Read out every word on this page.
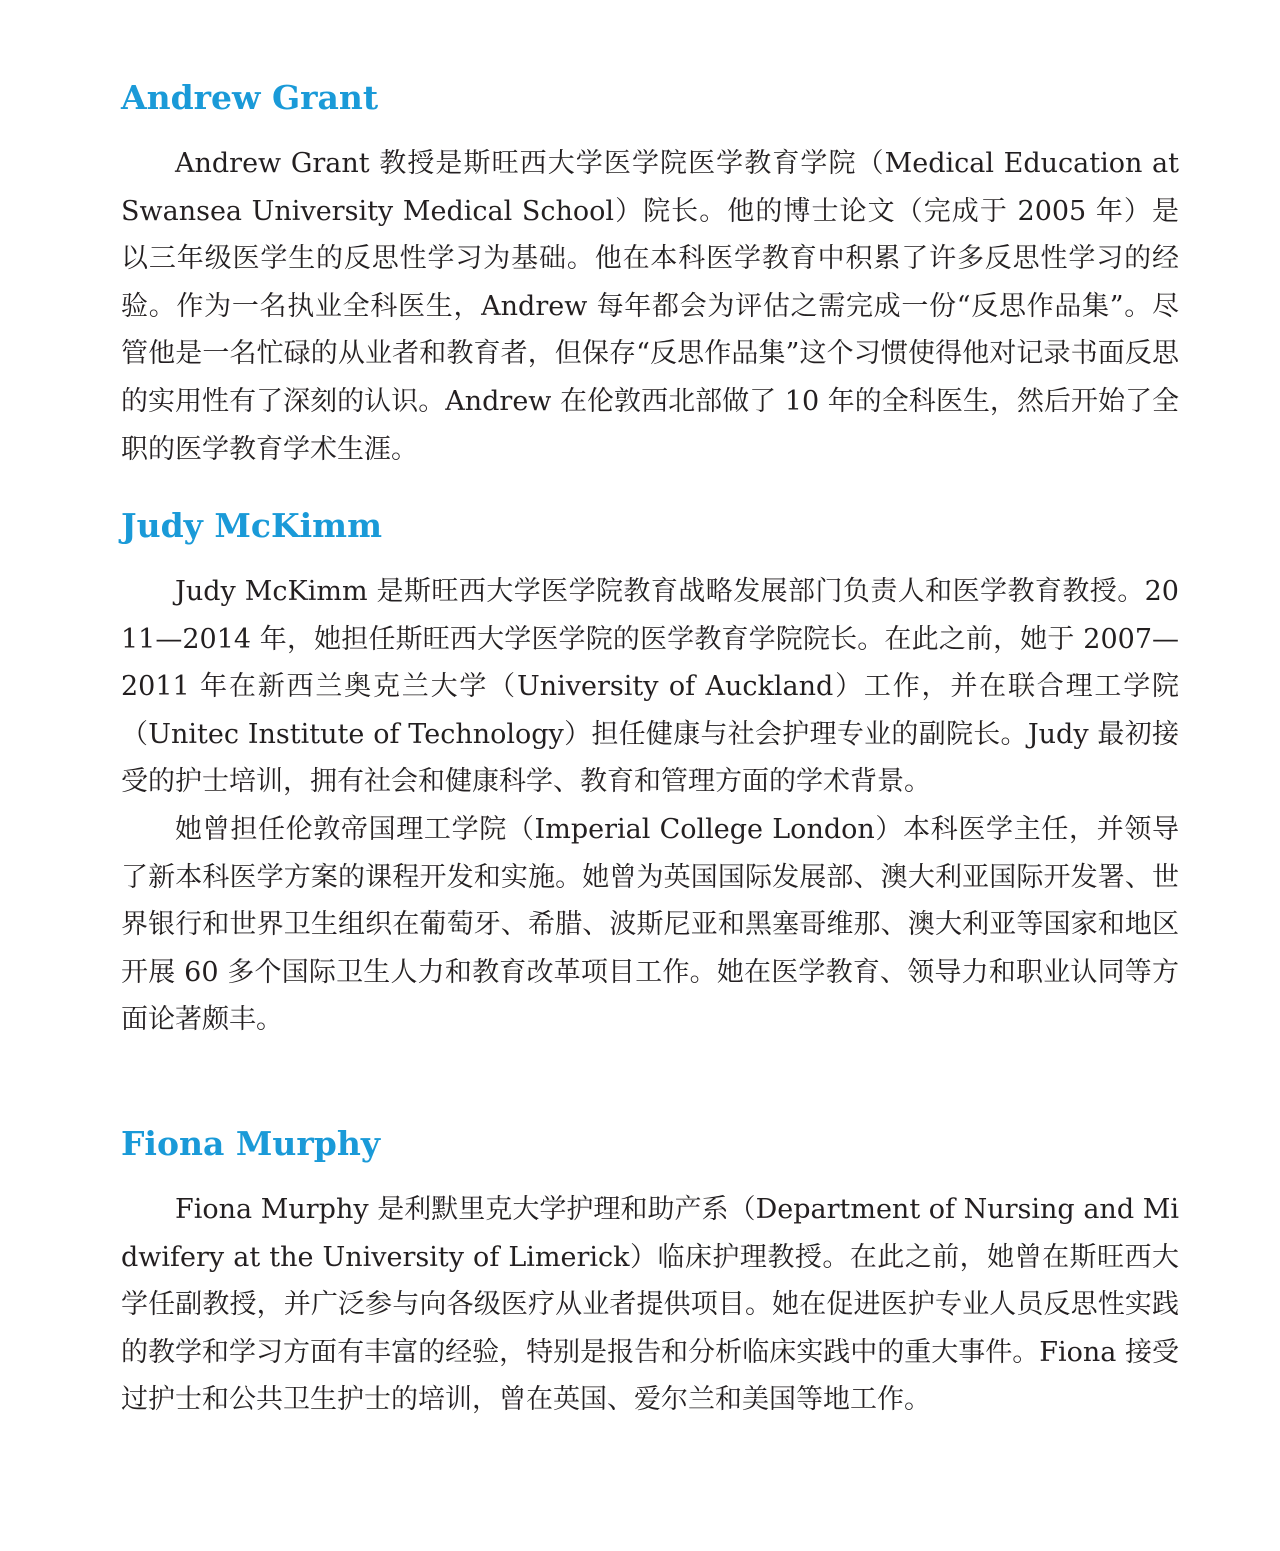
Andrew Grant

Andrew Grant 教授是斯旺西大学医学院医学教育学院（Medical Education at Swansea University Medical School）院长。他的博士论文（完成于 2005 年）是以三年级医学生的反思性学习为基础。他在本科医学教育中积累了许多反思性学习的经验。作为一名执业全科医生，Andrew 每年都会为评估之需完成一份“反思作品集”。尽管他是一名忙碌的从业者和教育者，但保存“反思作品集”这个习惯使得他对记录书面反思的实用性有了深刻的认识。Andrew 在伦敦西北部做了 10 年的全科医生，然后开始了全职的医学教育学术生涯。

Judy McKimm

Judy McKimm 是斯旺西大学医学院教育战略发展部门负责人和医学教育教授。2011—2014 年，她担任斯旺西大学医学院的医学教育学院院长。在此之前，她于 2007—2011 年在新西兰奥克兰大学（University of Auckland）工作，并在联合理工学院（Unitec Institute of Technology）担任健康与社会护理专业的副院长。Judy 最初接受的护士培训，拥有社会和健康科学、教育和管理方面的学术背景。

她曾担任伦敦帝国理工学院（Imperial College London）本科医学主任，并领导了新本科医学方案的课程开发和实施。她曾为英国国际发展部、澳大利亚国际开发署、世界银行和世界卫生组织在葡萄牙、希腊、波斯尼亚和黑塞哥维那、澳大利亚等国家和地区开展 60 多个国际卫生人力和教育改革项目工作。她在医学教育、领导力和职业认同等方面论著颇丰。

Fiona Murphy

Fiona Murphy 是利默里克大学护理和助产系（Department of Nursing and Midwifery at the University of Limerick）临床护理教授。在此之前，她曾在斯旺西大学任副教授，并广泛参与向各级医疗从业者提供项目。她在促进医护专业人员反思性实践的教学和学习方面有丰富的经验，特别是报告和分析临床实践中的重大事件。Fiona 接受过护士和公共卫生护士的培训，曾在英国、爱尔兰和美国等地工作。
